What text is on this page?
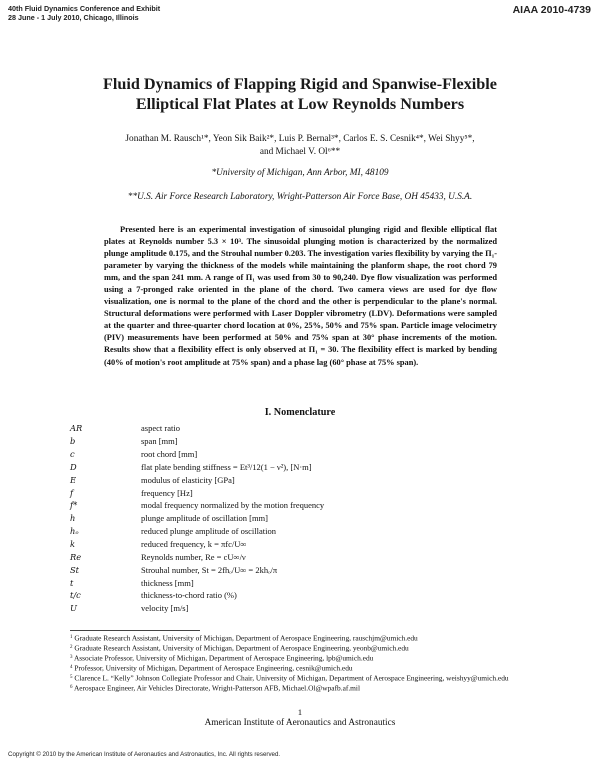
40th Fluid Dynamics Conference and Exhibit
28 June - 1 July 2010, Chicago, Illinois
AIAA 2010-4739
Fluid Dynamics of Flapping Rigid and Spanwise-Flexible
Elliptical Flat Plates at Low Reynolds Numbers
Jonathan M. Rausch¹*, Yeon Sik Baik²*, Luis P. Bernal³*, Carlos E. S. Cesnik⁴*, Wei Shyy⁵*,
and Michael V. Ol⁶**
*University of Michigan, Ann Arbor, MI, 48109
**U.S. Air Force Research Laboratory, Wright-Patterson Air Force Base, OH 45433, U.S.A.

Presented here is an experimental investigation of sinusoidal plunging rigid and flexible elliptical flat plates at Reynolds number 5.3 × 10³. The sinusoidal plunging motion is characterized by the normalized plunge amplitude 0.175, and the Strouhal number 0.203. The investigation varies flexibility by varying the Π₁-parameter by varying the thickness of the models while maintaining the planform shape, the root chord 79 mm, and the span 241 mm. A range of Π₁ was used from 30 to 90,240. Dye flow visualization was performed using a 7-pronged rake oriented in the plane of the chord. Two camera views are used for dye flow visualization, one is normal to the plane of the chord and the other is perpendicular to the plane's normal. Structural deformations were performed with Laser Doppler vibrometry (LDV). Deformations were sampled at the quarter and three-quarter chord location at 0%, 25%, 50% and 75% span. Particle image velocimetry (PIV) measurements have been performed at 50% and 75% span at 30° phase increments of the motion. Results show that a flexibility effect is only observed at Π₁ = 30. The flexibility effect is marked by bending (40% of motion's root amplitude at 75% span) and a phase lag (60° phase at 75% span).

I. Nomenclature
AR	aspect ratio
b	span [mm]
c	root chord [mm]
D	flat plate bending stiffness = Et³/12(1 − ν²), [N·m]
E	modulus of elasticity [GPa]
f	frequency [Hz]
f*	modal frequency normalized by the motion frequency
h	plunge amplitude of oscillation [mm]
hₒ	reduced plunge amplitude of oscillation
k	reduced frequency, k = πfc/U∞
Re	Reynolds number, Re = cU∞/ν
St	Strouhal number, St = 2fhₒ/U∞ = 2khₒ/π
t	thickness [mm]
t/c	thickness-to-chord ratio (%)
U	velocity [m/s]

$^1$ Graduate Research Assistant, University of Michigan, Department of Aerospace Engineering, rauschjm@umich.edu

$^2$ Graduate Research Assistant, University of Michigan, Department of Aerospace Engineering, yeonb@umich.edu

$^3$ Associate Professor, University of Michigan, Department of Aerospace Engineering, lpb@umich.edu

$^4$ Professor, University of Michigan, Department of Aerospace Engineering, cesnik@umich.edu

$^5$ Clarence L. “Kelly” Johnson Collegiate Professor and Chair, University of Michigan, Department of Aerospace Engineering, weishyy@umich.edu

$^6$ Aerospace Engineer, Air Vehicles Directorate, Wright-Patterson AFB, Michael.Ol@wpafb.af.mil

1
American Institute of Aeronautics and Astronautics
Copyright © 2010 by the American Institute of Aeronautics and Astronautics, Inc. All rights reserved.
